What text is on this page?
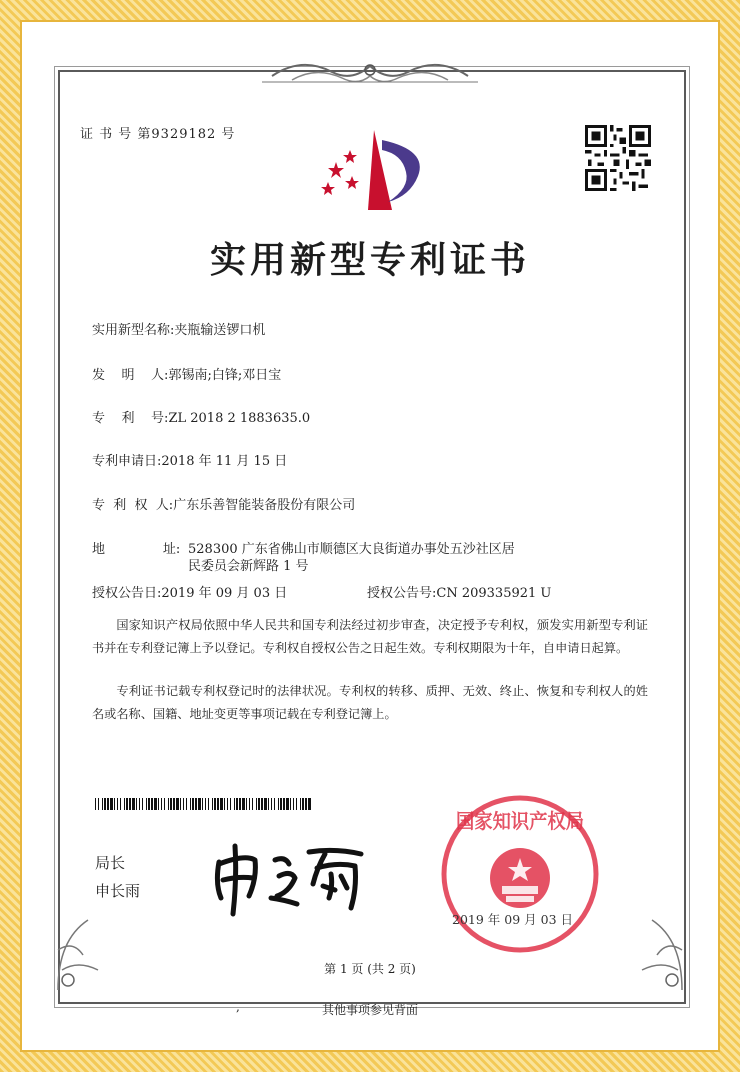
证 书 号 第9329182 号
实用新型专利证书
实用新型名称:夹瓶输送锣口机
发    明    人:郭锡南;白锋;邓日宝
专    利    号:ZL 2018 2 1883635.0
专利申请日:2018 年 11 月 15 日
专  利  权  人:广东乐善智能装备股份有限公司
地              址: 528300 广东省佛山市顺德区大良街道办事处五沙社区居
民委员会新辉路 1 号
授权公告日:2019 年 09 月 03 日	授权公告号:CN 209335921 U
国家知识产权局依照中华人民共和国专利法经过初步审查，决定授予专利权，颁发实用新型专利证书并在专利登记簿上予以登记。专利权自授权公告之日起生效。专利权期限为十年，自申请日起算。
专利证书记载专利权登记时的法律状况。专利权的转移、质押、无效、终止、恢复和专利权人的姓名或名称、国籍、地址变更等事项记载在专利登记簿上。
局长
申长雨
国家知识产权局
2019 年 09 月 03 日
第 1 页 (共 2 页)
,	其他事项参见背面
